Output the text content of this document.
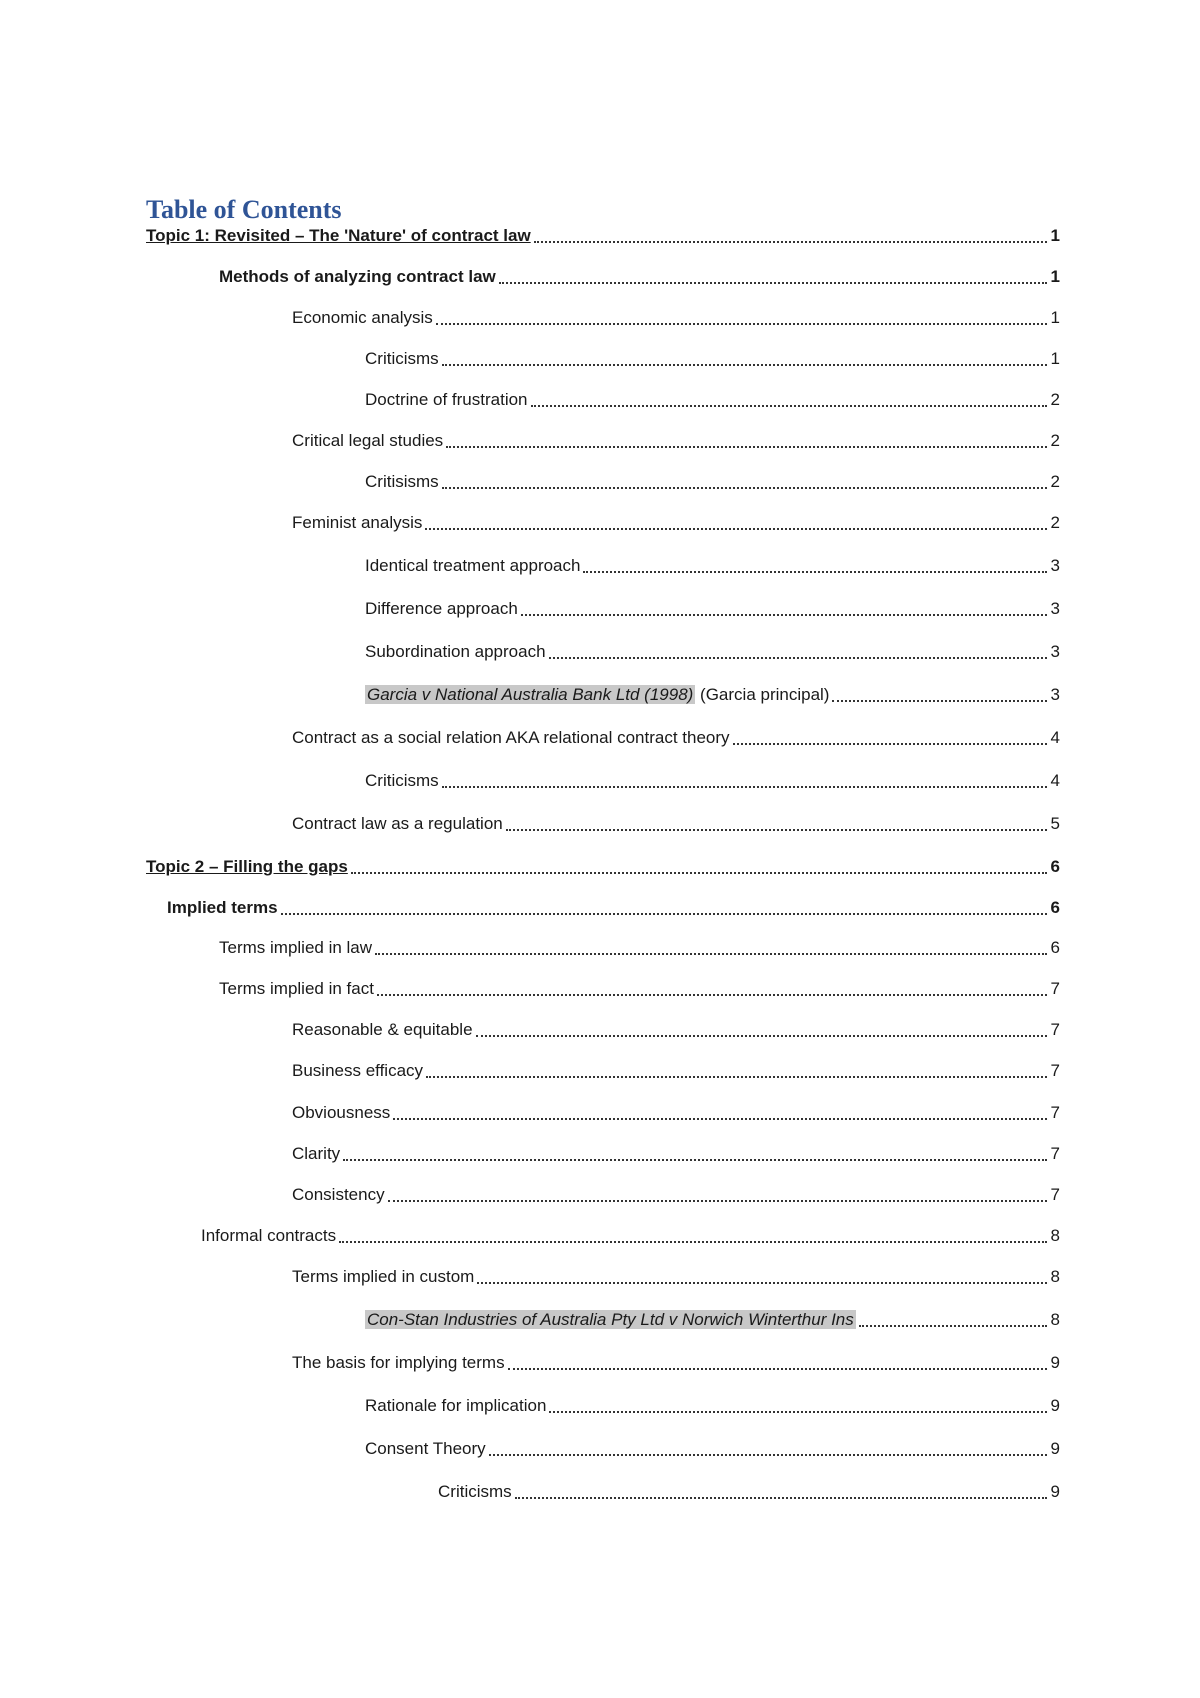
Table of Contents
Topic 1: Revisited – The 'Nature' of contract law	1
Methods of analyzing contract law	1
Economic analysis	1
Criticisms	1
Doctrine of frustration	2
Critical legal studies	2
Critisisms	2
Feminist analysis	2
Identical treatment approach	3
Difference approach	3
Subordination approach	3
Garcia v National Australia Bank Ltd (1998) (Garcia principal)	3
Contract as a social relation AKA relational contract theory	4
Criticisms	4
Contract law as a regulation	5
Topic 2 – Filling the gaps	6
Implied terms	6
Terms implied in law	6
Terms implied in fact	7
Reasonable & equitable	7
Business efficacy	7
Obviousness	7
Clarity	7
Consistency	7
Informal contracts	8
Terms implied in custom	8
Con-Stan Industries of Australia Pty Ltd v Norwich Winterthur Ins	8
The basis for implying terms	9
Rationale for implication	9
Consent Theory	9
Criticisms	9
